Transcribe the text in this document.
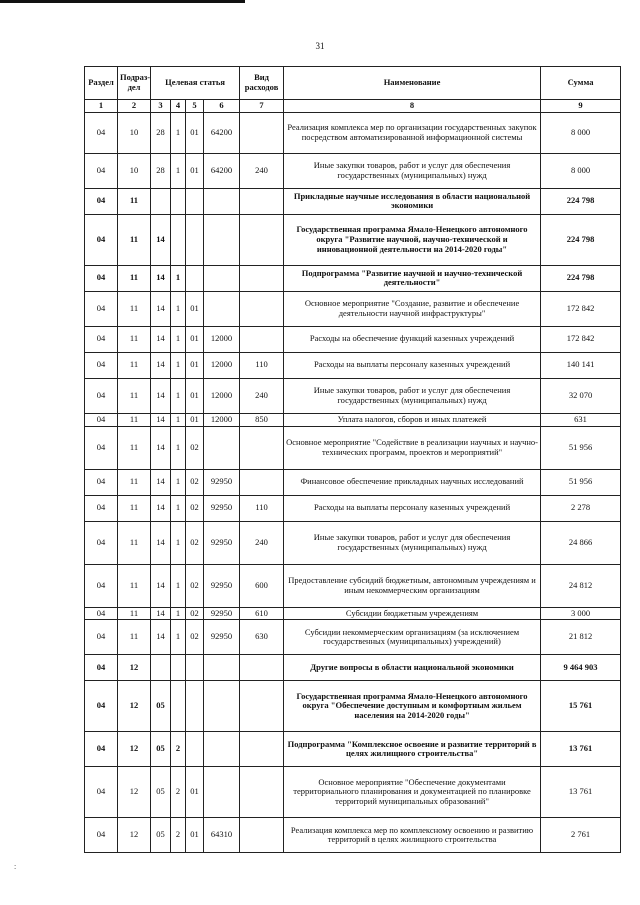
31
:
Раздел	Подраз-дел	Целевая статья				Вид расходов	Наименование	Сумма
1	2	3	4	5	6	7	8	9
04	10	28	1	01	64200		Реализация комплекса мер по организации государственных закупок посредством автоматизированной информационной системы	8 000
04	10	28	1	01	64200	240	Иные закупки товаров, работ и услуг для обеспечения государственных (муниципальных) нужд	8 000
04	11						Прикладные научные исследования в области национальной экономики	224 798
04	11	14					Государственная программа Ямало-Ненецкого автономного округа "Развитие научной, научно-технической и инновационной деятельности на 2014-2020 годы"	224 798
04	11	14	1				Подпрограмма "Развитие научной и научно-технической деятельности"	224 798
04	11	14	1	01			Основное мероприятие "Создание, развитие и обеспечение деятельности научной инфраструктуры"	172 842
04	11	14	1	01	12000		Расходы на обеспечение функций казенных учреждений	172 842
04	11	14	1	01	12000	110	Расходы на выплаты персоналу казенных учреждений	140 141
04	11	14	1	01	12000	240	Иные закупки товаров, работ и услуг для обеспечения государственных (муниципальных) нужд	32 070
04	11	14	1	01	12000	850	Уплата налогов, сборов и иных платежей	631
04	11	14	1	02			Основное мероприятие "Содействие в реализации научных и научно-технических программ, проектов и мероприятий"	51 956
04	11	14	1	02	92950		Финансовое обеспечение прикладных научных исследований	51 956
04	11	14	1	02	92950	110	Расходы на выплаты персоналу казенных учреждений	2 278
04	11	14	1	02	92950	240	Иные закупки товаров, работ и услуг для обеспечения государственных (муниципальных) нужд	24 866
04	11	14	1	02	92950	600	Предоставление субсидий бюджетным, автономным учреждениям и иным некоммерческим организациям	24 812
04	11	14	1	02	92950	610	Субсидии бюджетным учреждениям	3 000
04	11	14	1	02	92950	630	Субсидии некоммерческим организациям (за исключением государственных (муниципальных) учреждений)	21 812
04	12						Другие вопросы в области национальной экономики	9 464 903
04	12	05					Государственная программа Ямало-Ненецкого автономного округа "Обеспечение доступным и комфортным жильем населения на 2014-2020 годы"	15 761
04	12	05	2				Подпрограмма "Комплексное освоение и развитие территорий в целях жилищного строительства"	13 761
04	12	05	2	01			Основное мероприятие "Обеспечение документами территориального планирования и документацией по планировке территорий муниципальных образований"	13 761
04	12	05	2	01	64310		Реализация комплекса мер по комплексному освоению и развитию территорий в целях жилищного строительства	2 761
